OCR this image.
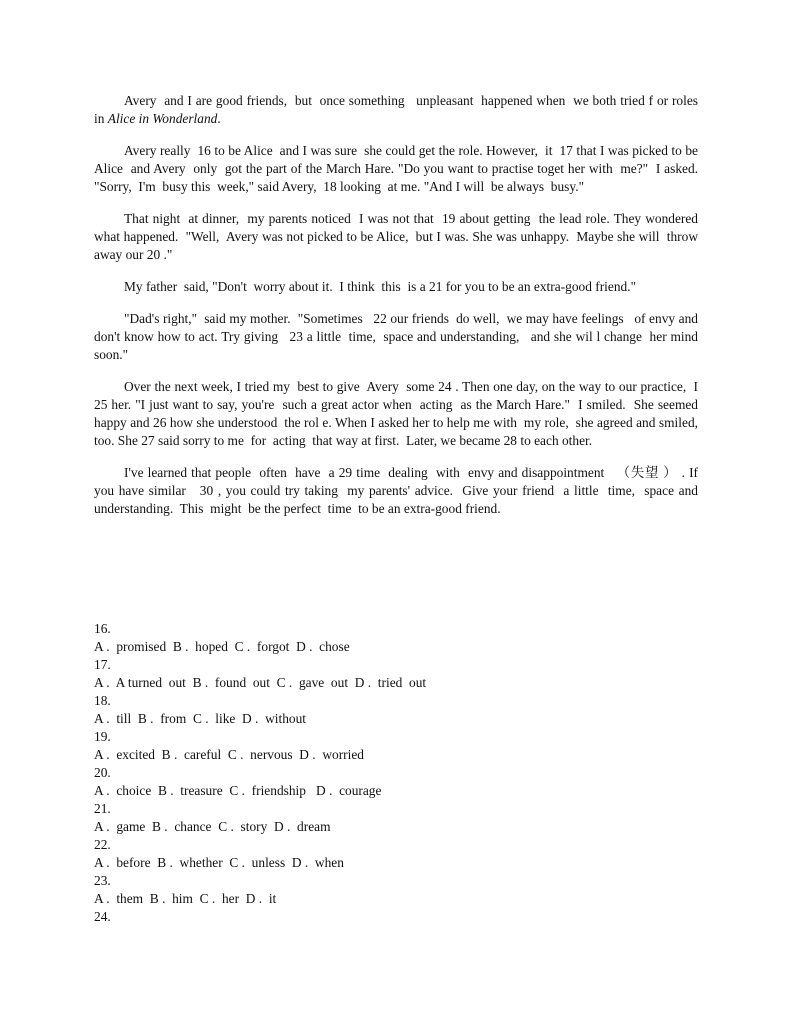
Avery  and I are good friends,  but  once something   unpleasant  happened when  we both tried f or roles in Alice in Wonderland.

Avery really  16 to be Alice  and I was sure  she could get the role. However,  it  17 that I was picked to be Alice  and Avery  only  got the part of the March Hare. "Do you want to practise toget her with  me?"  I asked. "Sorry,  I'm  busy this  week," said Avery,  18 looking  at me. "And I will  be always  busy."

That night  at dinner,  my parents noticed  I was not that  19 about getting  the lead role. They wondered what happened.  "Well,  Avery was not picked to be Alice,  but I was. She was unhappy.  Maybe she will  throw away our 20 ."

My father  said, "Don't  worry about it.  I think  this  is a 21 for you to be an extra-good friend."

"Dad's right,"  said my mother.  "Sometimes   22 our friends  do well,  we may have feelings   of envy and don't know how to act. Try giving   23 a little  time,  space and understanding,   and she wil l change  her mind  soon."

Over the next week, I tried my  best to give  Avery  some 24 . Then one day, on the way to our practice,  I 25 her. "I just want to say, you're  such a great actor when  acting  as the March Hare."  I smiled.  She seemed happy and 26 how she understood  the rol e. When I asked her to help me with  my role,  she agreed and smiled,  too. She 27 said sorry to me  for  acting  that way at first.  Later, we became 28 to each other.

I've learned that people  often  have  a 29 time  dealing  with  envy and disappointment   （失望 ） . If you have similar   30 , you could try taking  my parents' advice.  Give your friend  a little  time,  space and understanding.  This  might  be the perfect  time  to be an extra-good friend.

16.
A .  promised  B .  hoped  C .  forgot  D .  chose
17.
A .  A turned  out  B .  found  out  C .  gave  out  D .  tried  out
18.
A .  till  B .  from  C .  like  D .  without
19.
A .  excited  B .  careful  C .  nervous  D .  worried
20.
A .  choice  B .  treasure  C .  friendship   D .  courage
21.
A .  game  B .  chance  C .  story  D .  dream
22.
A .  before  B .  whether  C .  unless  D .  when
23.
A .  them  B .  him  C .  her  D .  it
24.
